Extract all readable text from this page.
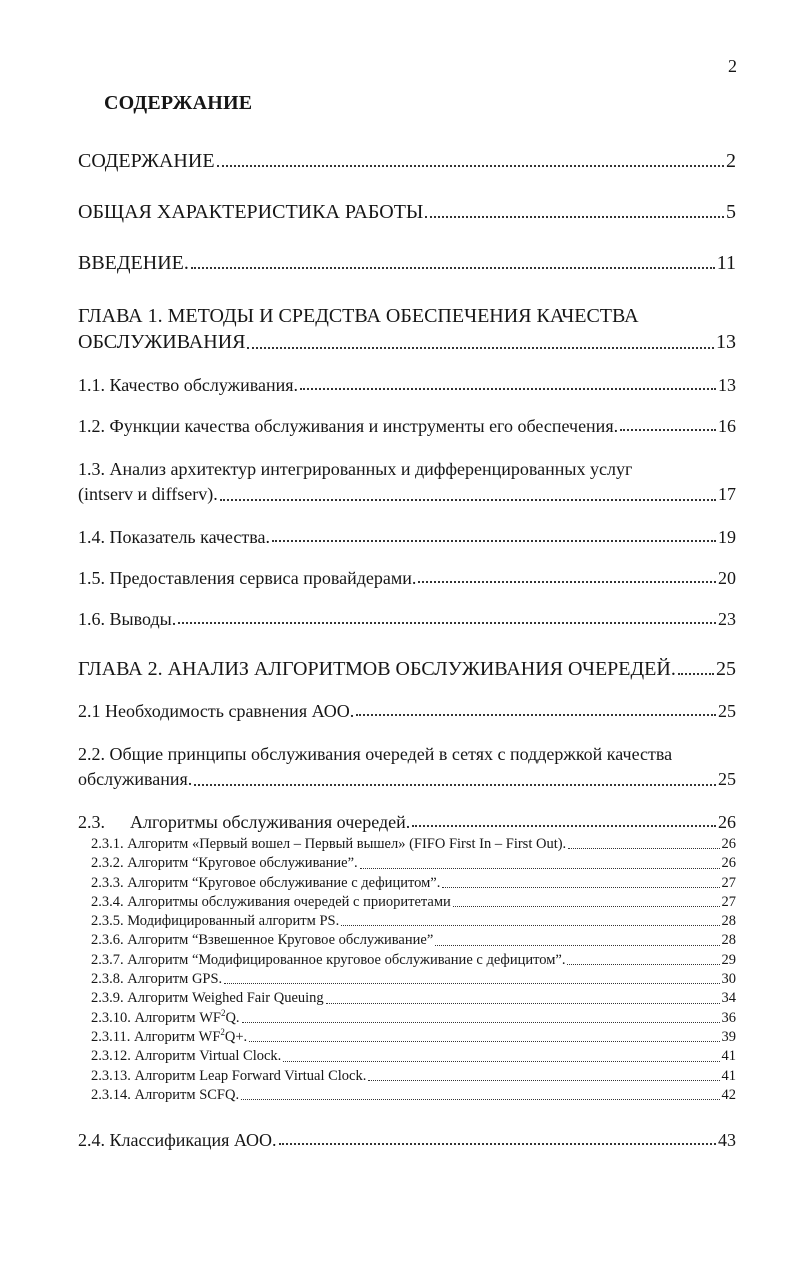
2
СОДЕРЖАНИЕ
СОДЕРЖАНИЕ	2
ОБЩАЯ ХАРАКТЕРИСТИКА РАБОТЫ	5
ВВЕДЕНИЕ.	11
ГЛАВА 1. МЕТОДЫ И СРЕДСТВА ОБЕСПЕЧЕНИЯ КАЧЕСТВА
ОБСЛУЖИВАНИЯ	13
1.1. Качество обслуживания.	13
1.2. Функции качества обслуживания и инструменты его обеспечения.	16
1.3. Анализ архитектур интегрированных и дифференцированных услуг
(intserv и diffserv).	17
1.4. Показатель качества.	19
1.5. Предоставления сервиса провайдерами.	20
1.6. Выводы.	23
ГЛАВА 2. АНАЛИЗ АЛГОРИТМОВ ОБСЛУЖИВАНИЯ ОЧЕРЕДЕЙ. 25
2.1 Необходимость сравнения АОО.	25
2.2. Общие принципы обслуживания очередей в сетях с поддержкой качества
обслуживания.	25
2.3. Алгоритмы обслуживания очередей.	26
2.3.1. Алгоритм «Первый вошел – Первый вышел» (FIFO First In – First Out).	26
2.3.2. Алгоритм “Круговое обслуживание”.	26
2.3.3. Алгоритм “Круговое обслуживание с дефицитом”.	27
2.3.4. Алгоритмы обслуживания очередей с приоритетами	27
2.3.5. Модифицированный алгоритм PS.	28
2.3.6. Алгоритм “Взвешенное Круговое обслуживание”	28
2.3.7. Алгоритм “Модифицированное круговое обслуживание с дефицитом”.	29
2.3.8. Алгоритм GPS.	30
2.3.9. Алгоритм Weighed Fair Queuing	34
2.3.10. Алгоритм $WF^2Q$.	36
2.3.11. Алгоритм $WF^2Q+$.	39
2.3.12. Алгоритм Virtual Clock.	41
2.3.13. Алгоритм Leap Forward Virtual Clock.	41
2.3.14. Алгоритм SCFQ.	42
2.4. Классификация АОО.	43
